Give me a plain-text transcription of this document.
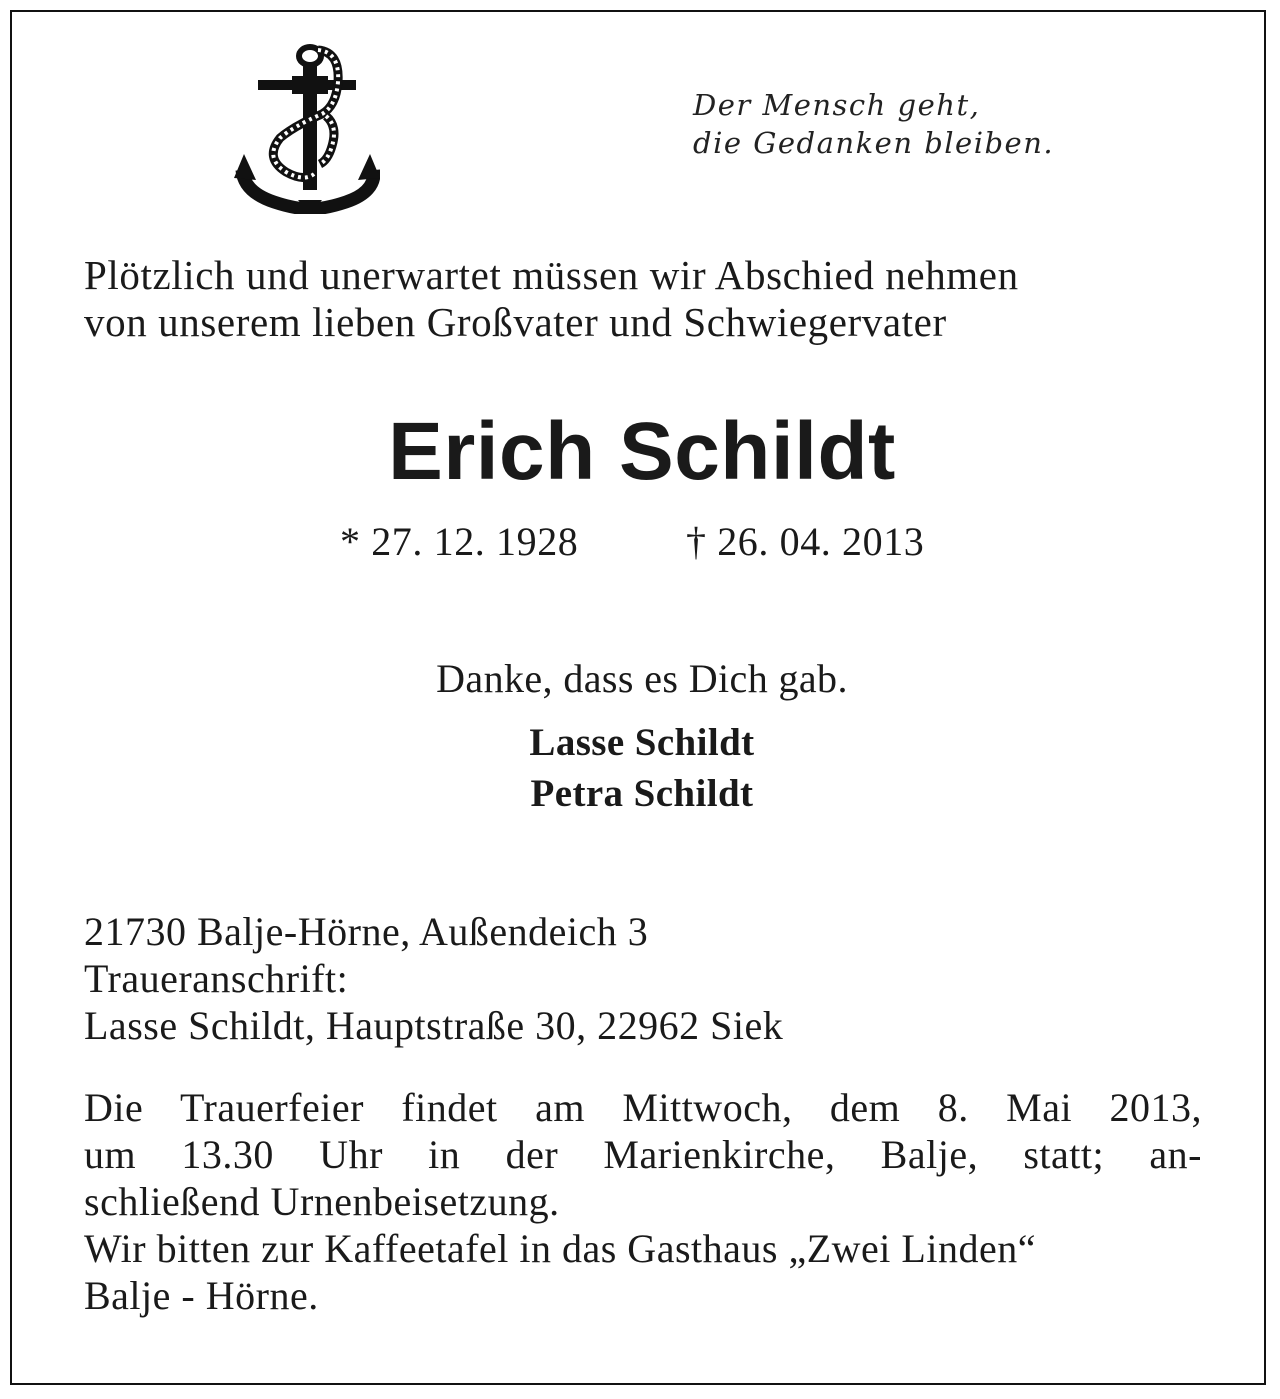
Der Mensch geht,
die Gedanken bleiben.
Plötzlich und unerwartet müssen wir Abschied nehmen
von unserem lieben Großvater und Schwiegervater
Erich Schildt
* 27. 12. 1928	† 26. 04. 2013
Danke, dass es Dich gab.
Lasse Schildt
Petra Schildt
21730 Balje-Hörne, Außendeich 3
Traueranschrift:
Lasse Schildt, Hauptstraße 30, 22962 Siek
Die Trauerfeier findet am Mittwoch, dem 8. Mai 2013,
um 13.30 Uhr in der Marienkirche, Balje, statt; an-
schließend Urnenbeisetzung.
Wir bitten zur Kaffeetafel in das Gasthaus „Zwei Linden“
Balje - Hörne.
